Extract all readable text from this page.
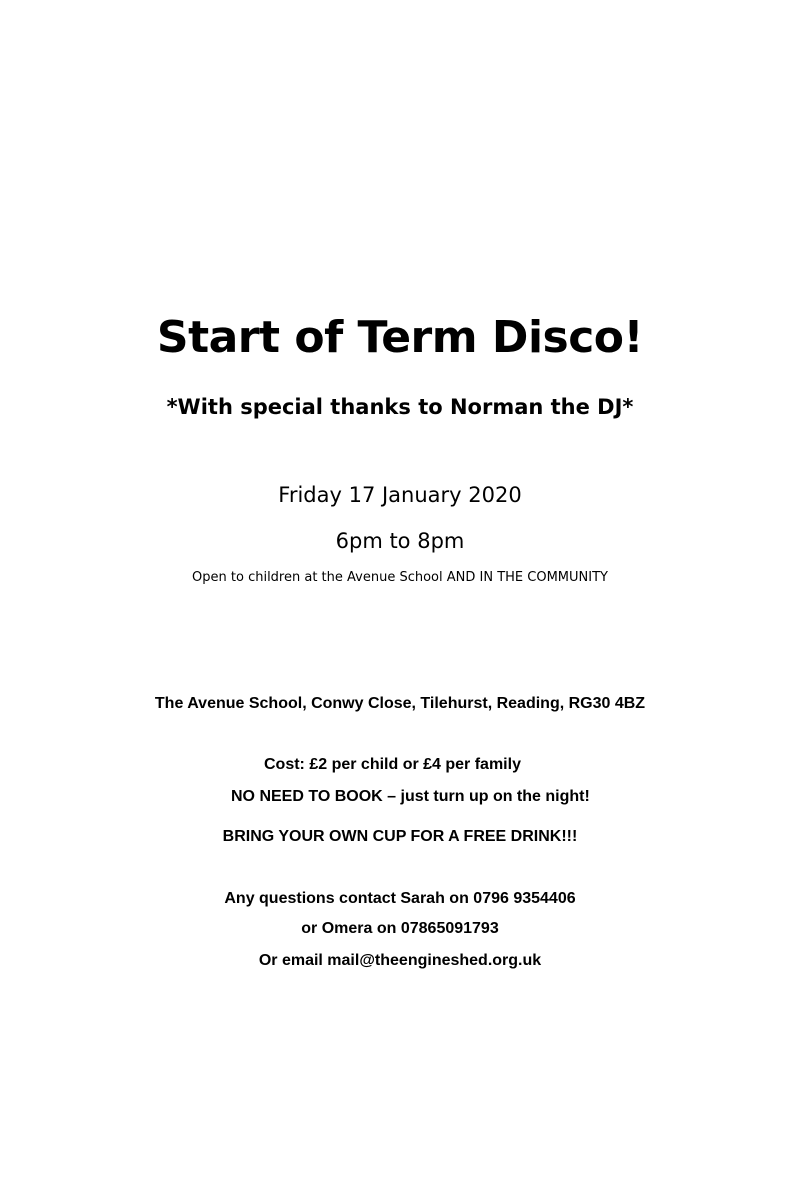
Start of Term Disco!

*With special thanks to Norman the DJ*

Friday 17 January 2020

6pm to 8pm

Open to children at the Avenue School AND IN THE COMMUNITY

The Avenue School, Conwy Close, Tilehurst, Reading, RG30 4BZ

Cost: £2 per child or £4 per family

NO NEED TO BOOK – just turn up on the night!

BRING YOUR OWN CUP FOR A FREE DRINK!!!

Any questions contact Sarah on 0796 9354406

or Omera on 07865091793

Or email mail@theengineshed.org.uk
